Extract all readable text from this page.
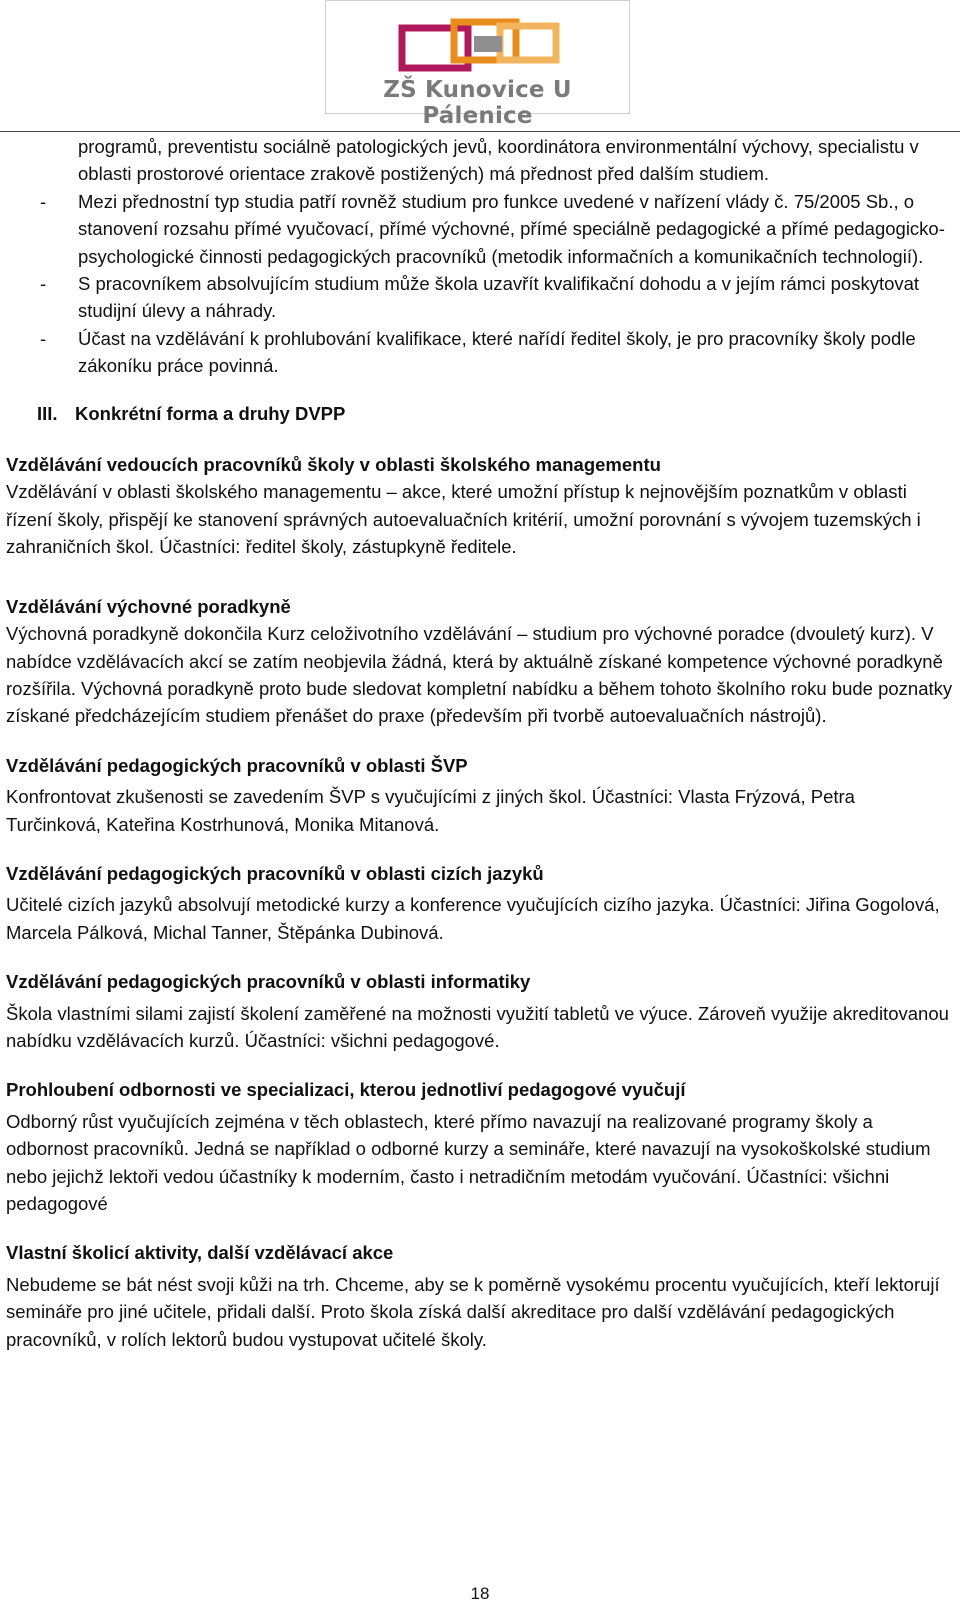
ZŠ Kunovice U Pálenice
programů, preventistu sociálně patologických jevů, koordinátora environmentální výchovy, specialistu v oblasti prostorové orientace zrakově postižených) má přednost před dalším studiem.
- Mezi přednostní typ studia patří rovněž studium pro funkce uvedené v nařízení vlády č. 75/2005 Sb., o stanovení rozsahu přímé vyučovací, přímé výchovné, přímé speciálně pedagogické a přímé pedagogicko-psychologické činnosti pedagogických pracovníků (metodik informačních a komunikačních technologií).
- S pracovníkem absolvujícím studium může škola uzavřít kvalifikační dohodu a v jejím rámci poskytovat studijní úlevy a náhrady.
- Účast na vzdělávání k prohlubování kvalifikace, které nařídí ředitel školy, je pro pracovníky školy podle zákoníku práce povinná.
III. Konkrétní forma a druhy DVPP
Vzdělávání vedoucích pracovníků školy v oblasti školského managementu

Vzdělávání v oblasti školského managementu – akce, které umožní přístup k nejnovějším poznatkům v oblasti řízení školy, přispějí ke stanovení správných autoevaluačních kritérií, umožní porovnání s vývojem tuzemských i zahraničních škol. Účastníci: ředitel školy, zástupkyně ředitele.

Vzdělávání výchovné poradkyně

Výchovná poradkyně dokončila Kurz celoživotního vzdělávání – studium pro výchovné poradce (dvouletý kurz). V nabídce vzdělávacích akcí se zatím neobjevila žádná, která by aktuálně získané kompetence výchovné poradkyně rozšířila. Výchovná poradkyně proto bude sledovat kompletní nabídku a během tohoto školního roku bude poznatky získané předcházejícím studiem přenášet do praxe (především při tvorbě autoevaluačních nástrojů).

Vzdělávání pedagogických pracovníků v oblasti ŠVP

Konfrontovat zkušenosti se zavedením ŠVP s vyučujícími z jiných škol. Účastníci: Vlasta Frýzová, Petra Turčinková, Kateřina Kostrhunová, Monika Mitanová.

Vzdělávání pedagogických pracovníků v oblasti cizích jazyků

Učitelé cizích jazyků absolvují metodické kurzy a konference vyučujících cizího jazyka. Účastníci: Jiřina Gogolová, Marcela Pálková, Michal Tanner, Štěpánka Dubinová.

Vzdělávání pedagogických pracovníků v oblasti informatiky

Škola vlastními silami zajistí školení zaměřené na možnosti využití tabletů ve výuce. Zároveň využije akreditovanou nabídku vzdělávacích kurzů. Účastníci: všichni pedagogové.

Prohloubení odbornosti ve specializaci, kterou jednotliví pedagogové vyučují

Odborný růst vyučujících zejména v těch oblastech, které přímo navazují na realizované programy školy a odbornost pracovníků. Jedná se například o odborné kurzy a semináře, které navazují na vysokoškolské studium nebo jejichž lektoři vedou účastníky k moderním, často i netradičním metodám vyučování. Účastníci: všichni pedagogové

Vlastní školicí aktivity, další vzdělávací akce

Nebudeme se bát nést svoji kůži na trh. Chceme, aby se k poměrně vysokému procentu vyučujících, kteří lektorují semináře pro jiné učitele, přidali další. Proto škola získá další akreditace pro další vzdělávání pedagogických pracovníků, v rolích lektorů budou vystupovat učitelé školy.

18
